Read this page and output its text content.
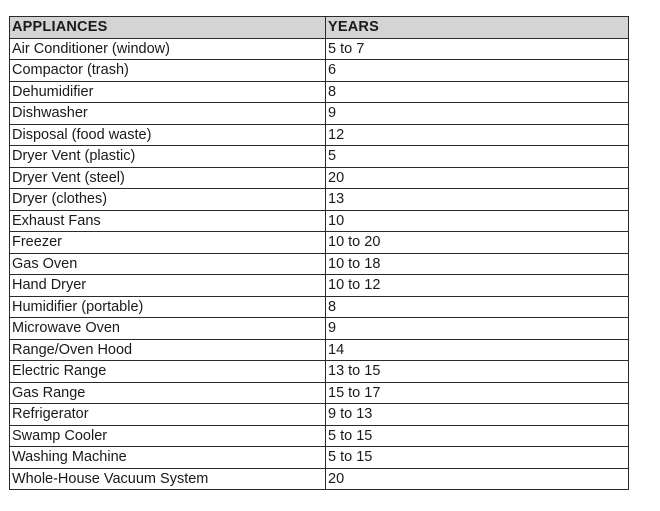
APPLIANCES	YEARS
Air Conditioner (window)	5 to 7
Compactor (trash)	6
Dehumidifier	8
Dishwasher	9
Disposal (food waste)	12
Dryer Vent (plastic)	5
Dryer Vent (steel)	20
Dryer (clothes)	13
Exhaust Fans	10
Freezer	10 to 20
Gas Oven	10 to 18
Hand Dryer	10 to 12
Humidifier (portable)	8
Microwave Oven	9
Range/Oven Hood	14
Electric Range	13 to 15
Gas Range	15 to 17
Refrigerator	9 to 13
Swamp Cooler	5 to 15
Washing Machine	5 to 15
Whole-House Vacuum System	20
